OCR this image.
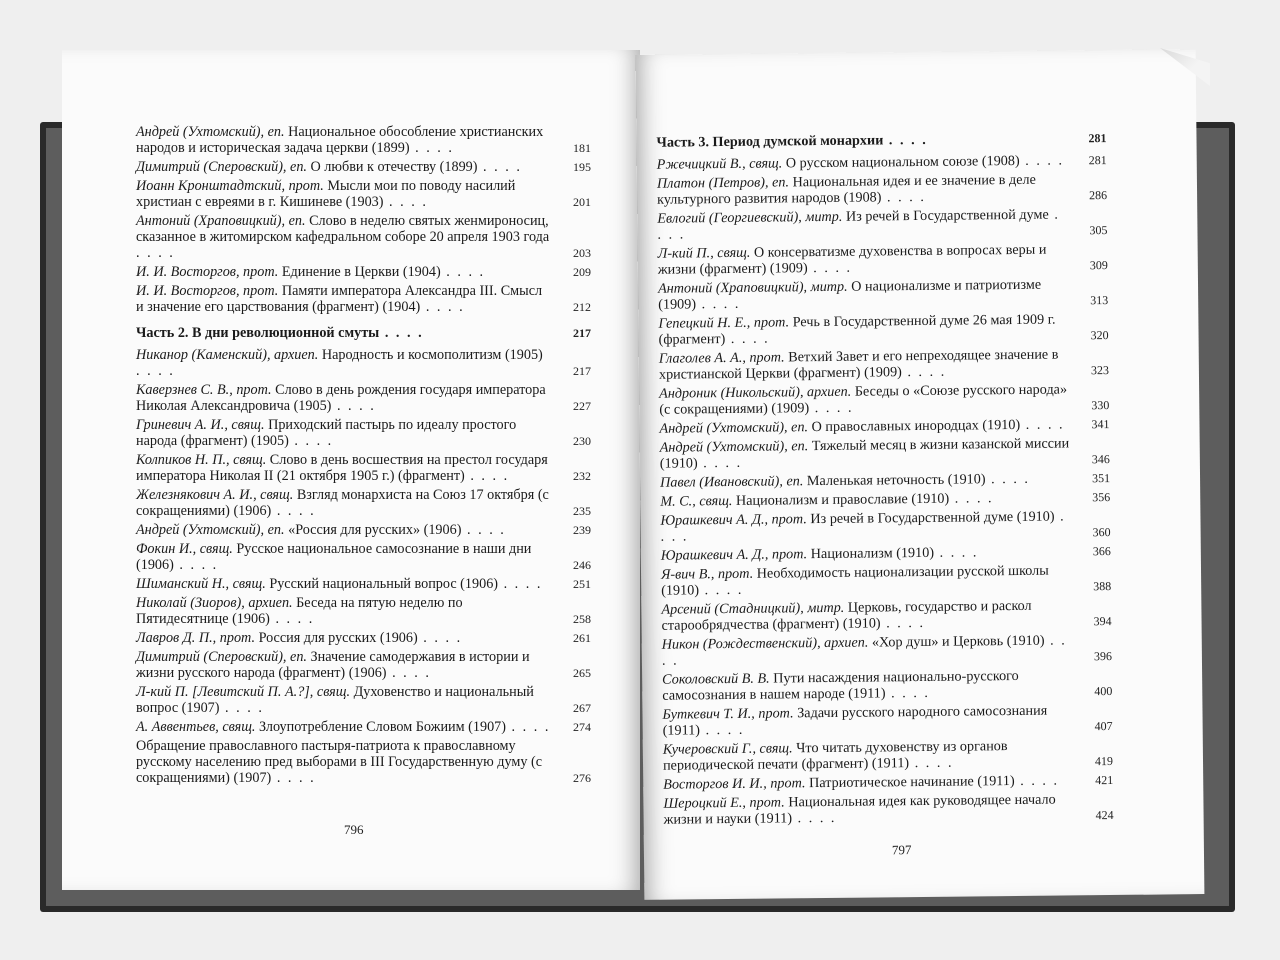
Андрей (Ухтомский), еп. Национальное обособление христианских народов и историческая задача церкви (1899) . . . .	181
Димитрий (Сперовский), еп. О любви к отечеству (1899) . . . .	195
Иоанн Кронштадтский, прот. Мысли мои по поводу насилий христиан с евреями в г. Кишиневе (1903) . . . .	201
Антоний (Храповицкий), еп. Слово в неделю святых женмироносиц, сказанное в житомирском кафедральном соборе 20 апреля 1903 года . . . .	203
И. И. Восторгов, прот. Единение в Церкви (1904) . . . .	209
И. И. Восторгов, прот. Памяти императора Александра III. Смысл и значение его царствования (фрагмент) (1904) . . . .	212
Часть 2. В дни революционной смуты . . . .	217
Никанор (Каменский), архиеп. Народность и космополитизм (1905) . . . .	217
Каверзнев С. В., прот. Слово в день рождения государя императора Николая Александровича (1905) . . . .	227
Гриневич А. И., свящ. Приходский пастырь по идеалу простого народа (фрагмент) (1905) . . . .	230
Колпиков Н. П., свящ. Слово в день восшествия на престол государя императора Николая II (21 октября 1905 г.) (фрагмент) . . . .	232
Железнякович А. И., свящ. Взгляд монархиста на Союз 17 октября (с сокращениями) (1906) . . . .	235
Андрей (Ухтомский), еп. «Россия для русских» (1906) . . . .	239
Фокин И., свящ. Русское национальное самосознание в наши дни (1906) . . . .	246
Шиманский Н., свящ. Русский национальный вопрос (1906) . . . .	251
Николай (Зиоров), архиеп. Беседа на пятую неделю по Пятидесятнице (1906) . . . .	258
Лавров Д. П., прот. Россия для русских (1906) . . . .	261
Димитрий (Сперовский), еп. Значение самодержавия в истории и жизни русского народа (фрагмент) (1906) . . . .	265
Л-кий П. [Левитский П. А.?], свящ. Духовенство и национальный вопрос (1907) . . . .	267
А. Аввентьев, свящ. Злоупотребление Словом Божиим (1907) . . . . 274
Обращение православного пастыря-патриота к православному русскому населению пред выборами в III Государственную думу (с сокращениями) (1907) . . . .	276
796
Часть 3. Период думской монархии . . . .	281
Ржечицкий В., свящ. О русском национальном союзе (1908) . . . . 281
Платон (Петров), еп. Национальная идея и ее значение в деле культурного развития народов (1908) . . . .	286
Евлогий (Георгиевский), митр. Из речей в Государственной думе . . . .	305
Л-кий П., свящ. О консерватизме духовенства в вопросах веры и жизни (фрагмент) (1909) . . . .	309
Антоний (Храповицкий), митр. О национализме и патриотизме (1909) . . . .	313
Гепецкий Н. Е., прот. Речь в Государственной думе 26 мая 1909 г. (фрагмент) . . . .	320
Глаголев А. А., прот. Ветхий Завет и его непреходящее значение в христианской Церкви (фрагмент) (1909) . . . .	323
Андроник (Никольский), архиеп. Беседы о «Союзе русского народа» (с сокращениями) (1909) . . . .	330
Андрей (Ухтомский), еп. О православных инородцах (1910) . . . . 341
Андрей (Ухтомский), еп. Тяжелый месяц в жизни казанской миссии (1910) . . . .	346
Павел (Ивановский), еп. Маленькая неточность (1910) . . . .	351
М. С., свящ. Национализм и православие (1910) . . . .	356
Юрашкевич А. Д., прот. Из речей в Государственной думе (1910) . . . .	360
Юрашкевич А. Д., прот. Национализм (1910) . . . .	366
Я-вич В., прот. Необходимость национализации русской школы (1910) . . . .	388
Арсений (Стадницкий), митр. Церковь, государство и раскол старообрядчества (фрагмент) (1910) . . . .	394
Никон (Рождественский), архиеп. «Хор душ» и Церковь (1910) . . . .	396
Соколовский В. В. Пути насаждения национально-русского самосознания в нашем народе (1911) . . . .	400
Буткевич Т. И., прот. Задачи русского народного самосознания (1911) . . . .	407
Кучеровский Г., свящ. Что читать духовенству из органов периодической печати (фрагмент) (1911) . . . .	419
Восторгов И. И., прот. Патриотическое начинание (1911) . . . .	421
Шероцкий Е., прот. Национальная идея как руководящее начало жизни и науки (1911) . . . .	424
797
